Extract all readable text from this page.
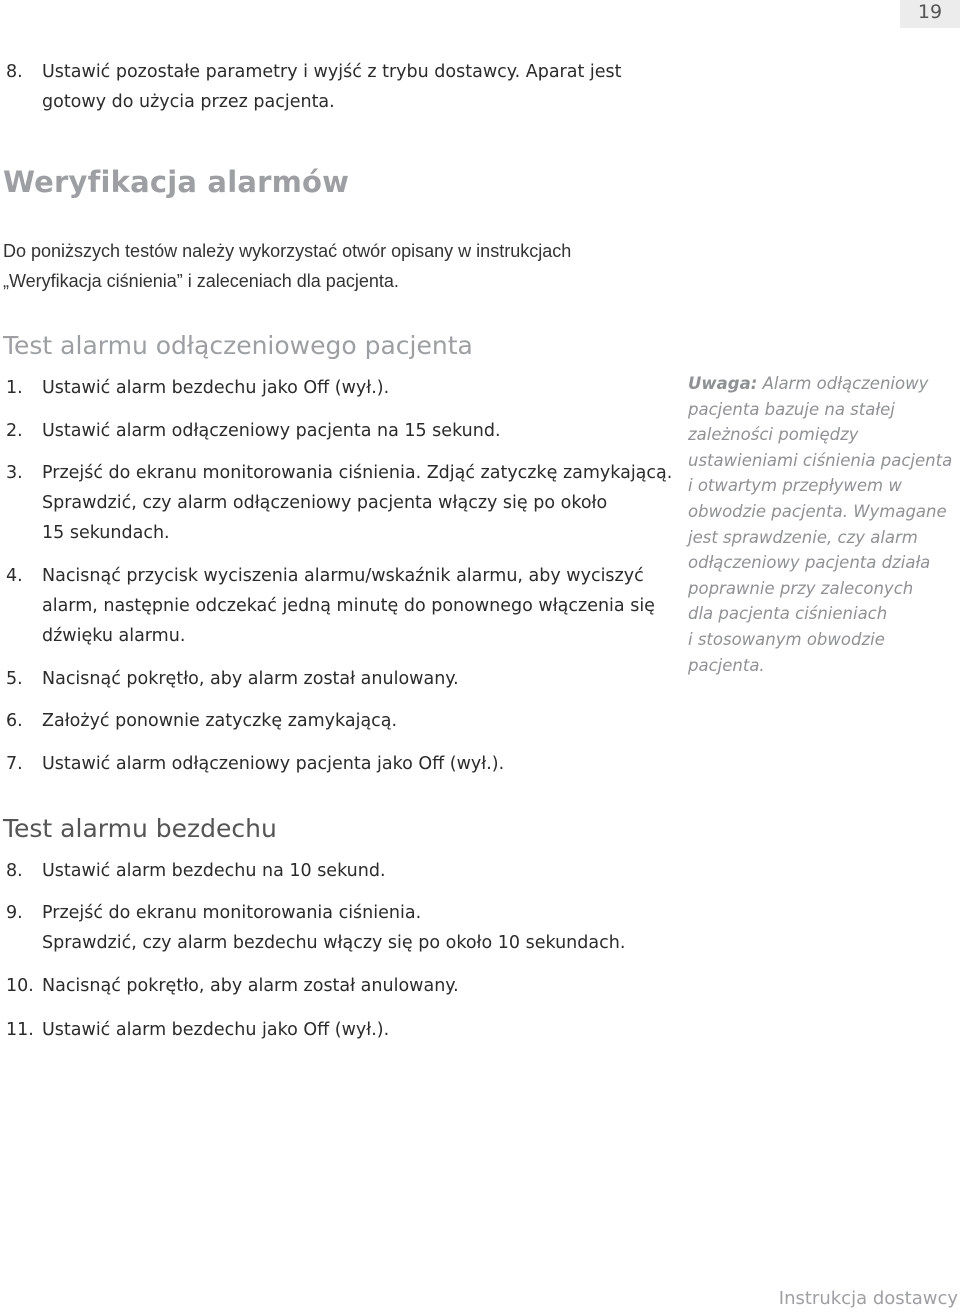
19
8. Ustawić pozostałe parametry i wyjść z trybu dostawcy. Aparat jest
gotowy do użycia przez pacjenta.
Weryfikacja alarmów
Do poniższych testów należy wykorzystać otwór opisany w instrukcjach
„Weryfikacja ciśnienia” i zaleceniach dla pacjenta.
Test alarmu odłączeniowego pacjenta
1. Ustawić alarm bezdechu jako Off (wył.).
2. Ustawić alarm odłączeniowy pacjenta na 15 sekund.
3. Przejść do ekranu monitorowania ciśnienia. Zdjąć zatyczkę zamykającą.
Sprawdzić, czy alarm odłączeniowy pacjenta włączy się po około
15 sekundach.
4. Nacisnąć przycisk wyciszenia alarmu/wskaźnik alarmu, aby wyciszyć
alarm, następnie odczekać jedną minutę do ponownego włączenia się
dźwięku alarmu.
5. Nacisnąć pokrętło, aby alarm został anulowany.
6. Założyć ponownie zatyczkę zamykającą.
7. Ustawić alarm odłączeniowy pacjenta jako Off (wył.).
Uwaga: Alarm odłączeniowy
pacjenta bazuje na stałej
zależności pomiędzy
ustawieniami ciśnienia pacjenta
i otwartym przepływem w
obwodzie pacjenta. Wymagane
jest sprawdzenie, czy alarm
odłączeniowy pacjenta działa
poprawnie przy zaleconych
dla pacjenta ciśnieniach
i stosowanym obwodzie
pacjenta.
Test alarmu bezdechu
8. Ustawić alarm bezdechu na 10 sekund.
9. Przejść do ekranu monitorowania ciśnienia.
Sprawdzić, czy alarm bezdechu włączy się po około 10 sekundach.
10. Nacisnąć pokrętło, aby alarm został anulowany.
11. Ustawić alarm bezdechu jako Off (wył.).
Instrukcja dostawcy
